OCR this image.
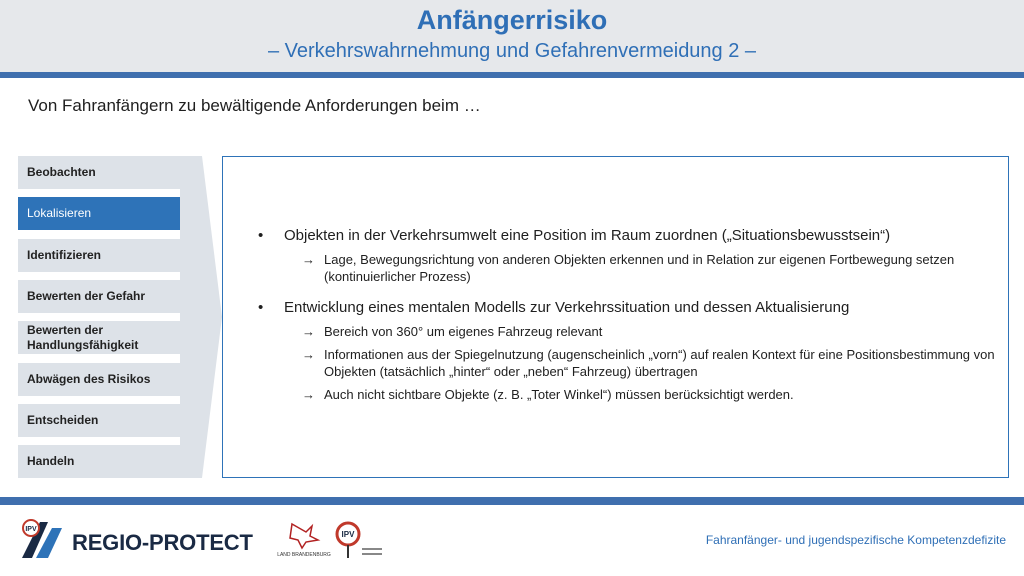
Anfängerrisiko
– Verkehrswahrnehmung und Gefahrenvermeidung 2 –
Von Fahranfängern zu bewältigende Anforderungen beim …
Beobachten
Lokalisieren
Identifizieren
Bewerten der Gefahr
Bewerten der Handlungsfähigkeit
Abwägen des Risikos
Entscheiden
Handeln
• Objekten in der Verkehrsumwelt eine Position im Raum zuordnen („Situationsbewusstsein“)
→ Lage, Bewegungsrichtung von anderen Objekten erkennen und in Relation zur eigenen Fortbewegung setzen (kontinuierlicher Prozess)
• Entwicklung eines mentalen Modells zur Verkehrssituation und dessen Aktualisierung
→ Bereich von 360° um eigenes Fahrzeug relevant
→ Informationen aus der Spiegelnutzung (augenscheinlich „vorn“) auf realen Kontext für eine Positionsbestimmung von Objekten (tatsächlich „hinter“ oder „neben“ Fahrzeug) übertragen
→ Auch nicht sichtbare Objekte (z. B. „Toter Winkel“) müssen berücksichtigt werden.
IPV
REGIO-PROTECT	LAND BRANDENBURG
IPV	Fahranfänger- und jugendspezifische Kompetenzdefizite
